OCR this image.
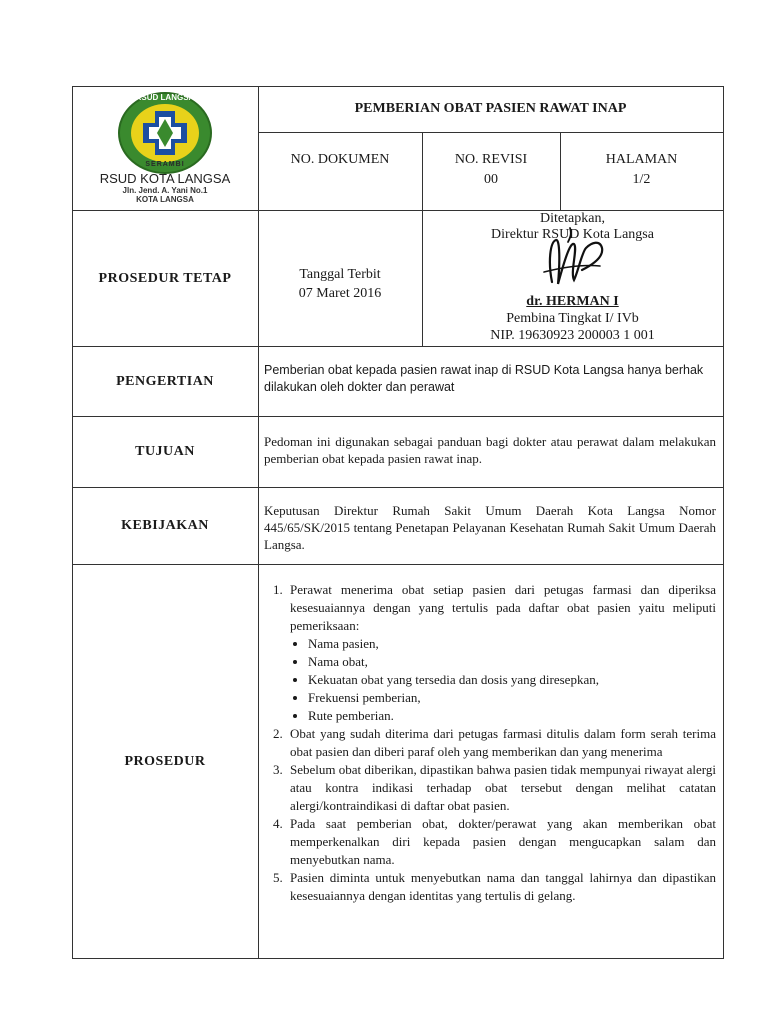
RSUD LANGSA
SERAMBI
RSUD KOTA LANGSA
Jln. Jend. A. Yani No.1
KOTA LANGSA
PEMBERIAN OBAT PASIEN RAWAT INAP
NO. DOKUMEN	NO. REVISI
00
HALAMAN
1/2
PROSEDUR TETAP	Tanggal Terbit
07 Maret 2016
Ditetapkan,
Direktur RSUD Kota Langsa
dr. HERMAN I
Pembina Tingkat I/ IVb
NIP. 19630923 200003 1 001
PENGERTIAN
Pemberian obat kepada pasien rawat inap di RSUD Kota Langsa hanya berhak dilakukan oleh dokter dan perawat
TUJUAN
Pedoman ini digunakan sebagai panduan bagi dokter atau perawat dalam melakukan pemberian obat kepada pasien rawat inap.
KEBIJAKAN
Keputusan Direktur Rumah Sakit Umum Daerah Kota Langsa Nomor 445/65/SK/2015 tentang Penetapan Pelayanan Kesehatan Rumah Sakit Umum Daerah Langsa.
PROSEDUR
1. Perawat menerima obat setiap pasien dari petugas farmasi dan diperiksa kesesuaiannya dengan yang tertulis pada daftar obat pasien yaitu meliputi pemeriksaan:
• Nama pasien,
• Nama obat,
• Kekuatan obat yang tersedia dan dosis yang diresepkan,
• Frekuensi pemberian,
• Rute pemberian.
2. Obat yang sudah diterima dari petugas farmasi ditulis dalam form serah terima obat pasien dan diberi paraf oleh yang memberikan dan yang menerima
3. Sebelum obat diberikan, dipastikan bahwa pasien tidak mempunyai riwayat alergi atau kontra indikasi terhadap obat tersebut dengan melihat catatan alergi/kontraindikasi di daftar obat pasien.
4. Pada saat pemberian obat, dokter/perawat yang akan memberikan obat memperkenalkan diri kepada pasien dengan mengucapkan salam dan menyebutkan nama.
5. Pasien diminta untuk menyebutkan nama dan tanggal lahirnya dan dipastikan kesesuaiannya dengan identitas yang tertulis di gelang.
